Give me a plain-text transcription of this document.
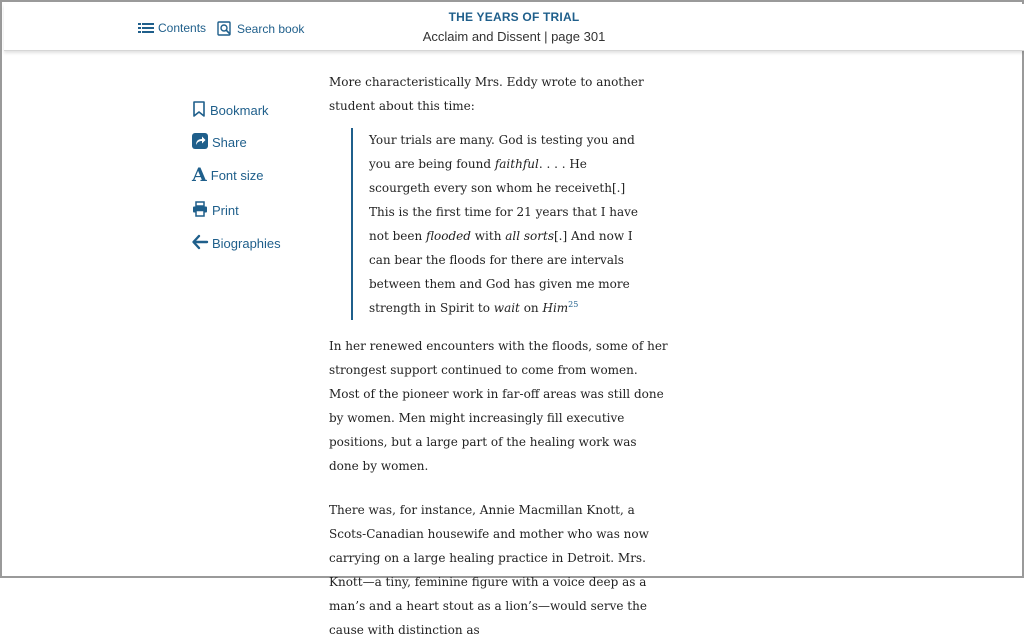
Contents	Search book
THE YEARS OF TRIAL
Acclaim and Dissent | page 301
Bookmark
Share
A Font size
Print
Biographies

More characteristically Mrs. Eddy wrote to another student about this time:

Your trials are many. God is testing you and you are being found faithful. . . . He scourgeth every son whom he receiveth[.] This is the first time for 21 years that I have not been flooded with all sorts[.] And now I can bear the floods for there are intervals between them and God has given me more strength in Spirit to wait on Him$^{25}$

In her renewed encounters with the floods, some of her strongest support continued to come from women. Most of the pioneer work in far-off areas was still done by women. Men might increasingly fill executive positions, but a large part of the healing work was done by women.

There was, for instance, Annie Macmillan Knott, a Scots-Canadian housewife and mother who was now carrying on a large healing practice in Detroit. Mrs. Knott—a tiny, feminine figure with a voice deep as a man’s and a heart stout as a lion’s—would serve the cause with distinction as
